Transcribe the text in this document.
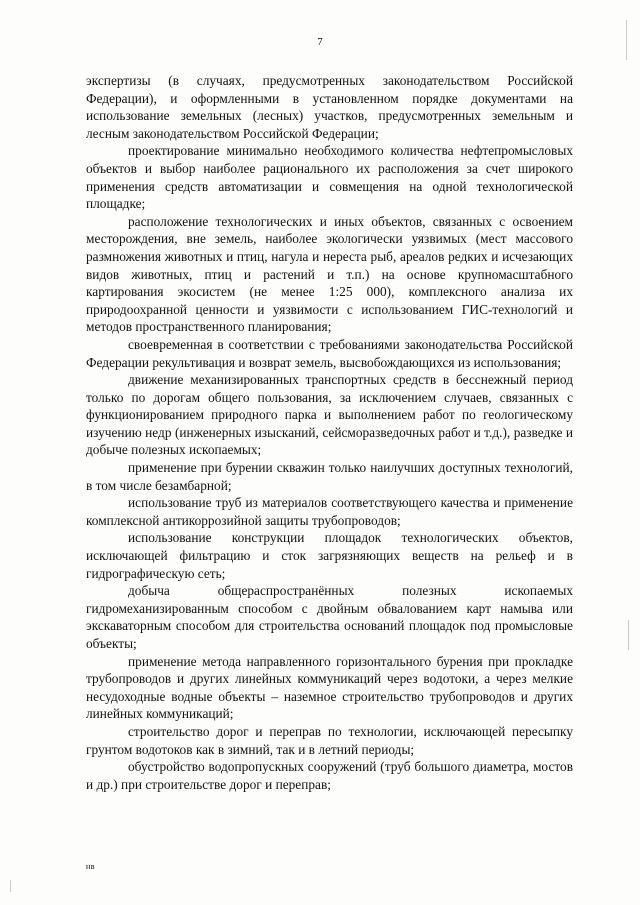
7

экспертизы (в случаях, предусмотренных законодательством Российской Федерации), и оформленными в установленном порядке документами на использование земельных (лесных) участков, предусмотренных земельным и лесным законодательством Российской Федерации;

проектирование минимально необходимого количества нефтепромысловых объектов и выбор наиболее рационального их расположения за счет широкого применения средств автоматизации и совмещения на одной технологической площадке;

расположение технологических и иных объектов, связанных с освоением месторождения, вне земель, наиболее экологически уязвимых (мест массового размножения животных и птиц, нагула и нереста рыб, ареалов редких и исчезающих видов животных, птиц и растений и т.п.) на основе крупномасштабного картирования экосистем (не менее 1:25 000), комплексного анализа их природоохранной ценности и уязвимости с использованием ГИС-технологий и методов пространственного планирования;

своевременная в соответствии с требованиями законодательства Российской Федерации рекультивация и возврат земель, высвобождающихся из использования;

движение механизированных транспортных средств в бесснежный период только по дорогам общего пользования, за исключением случаев, связанных с функционированием природного парка и выполнением работ по геологическому изучению недр (инженерных изысканий, сейсморазведочных работ и т.д.), разведке и добыче полезных ископаемых;

применение при бурении скважин только наилучших доступных технологий, в том числе безамбарной;

использование труб из материалов соответствующего качества и применение комплексной антикоррозийной защиты трубопроводов;

использование конструкции площадок технологических объектов, исключающей фильтрацию и сток загрязняющих веществ на рельеф и в гидрографическую сеть;

добыча общераспространённых полезных ископаемых гидромеханизированным способом с двойным обвалованием карт намыва или экскаваторным способом для строительства оснований площадок под промысловые объекты;

применение метода направленного горизонтального бурения при прокладке трубопроводов и других линейных коммуникаций через водотоки, а через мелкие несудоходные водные объекты – наземное строительство трубопроводов и других линейных коммуникаций;

строительство дорог и переправ по технологии, исключающей пересыпку грунтом водотоков как в зимний, так и в летний периоды;

обустройство водопропускных сооружений (труб большого диаметра, мостов и др.) при строительстве дорог и переправ;

нв
